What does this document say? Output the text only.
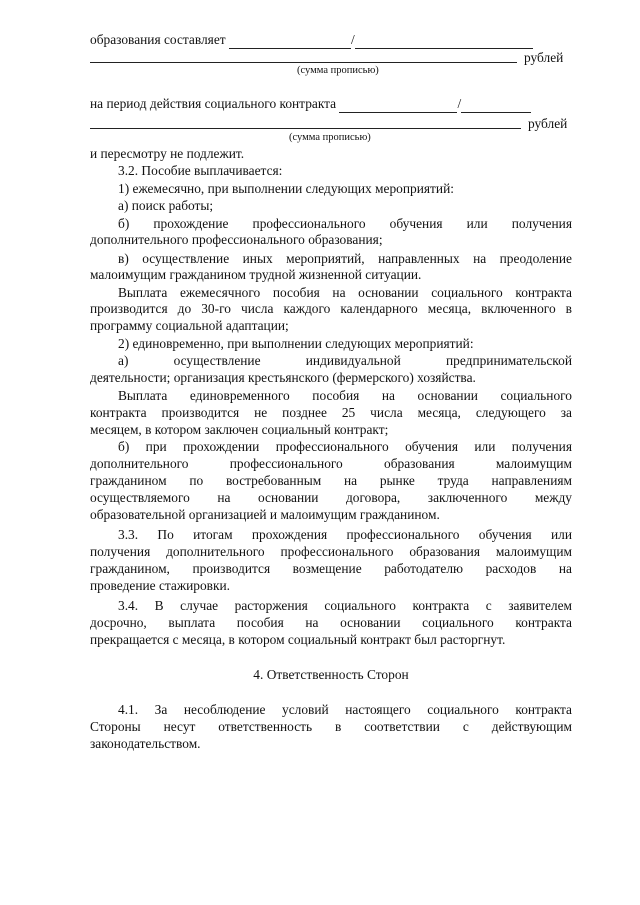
образования составляет	/
рублей
(сумма прописью)
на период действия социального контракта	/
рублей
(сумма прописью)
и пересмотру не подлежит.
3.2. Пособие выплачивается:
1) ежемесячно, при выполнении следующих мероприятий:
а) поиск работы;
б) прохождение профессионального обучения или получения
дополнительного профессионального образования;
в) осуществление иных мероприятий, направленных на преодоление
малоимущим гражданином трудной жизненной ситуации.
Выплата ежемесячного пособия на основании социального контракта
производится до 30-го числа каждого календарного месяца, включенного в
программу социальной адаптации;
2) единовременно, при выполнении следующих мероприятий:
а) осуществление индивидуальной предпринимательской
деятельности; организация крестьянского (фермерского) хозяйства.
Выплата единовременного пособия на основании социального
контракта производится не позднее 25 числа месяца, следующего за
месяцем, в котором заключен социальный контракт;
б) при прохождении профессионального обучения или получения
дополнительного профессионального образования малоимущим
гражданином по востребованным на рынке труда направлениям
осуществляемого на основании договора, заключенного между
образовательной организацией и малоимущим гражданином.
3.3. По итогам прохождения профессионального обучения или
получения дополнительного профессионального образования малоимущим
гражданином, производится возмещение работодателю расходов на
проведение стажировки.
3.4. В случае расторжения социального контракта с заявителем
досрочно, выплата пособия на основании социального контракта
прекращается с месяца, в котором социальный контракт был расторгнут.
4. Ответственность Сторон
4.1. За несоблюдение условий настоящего социального контракта
Стороны несут ответственность в соответствии с действующим
законодательством.
